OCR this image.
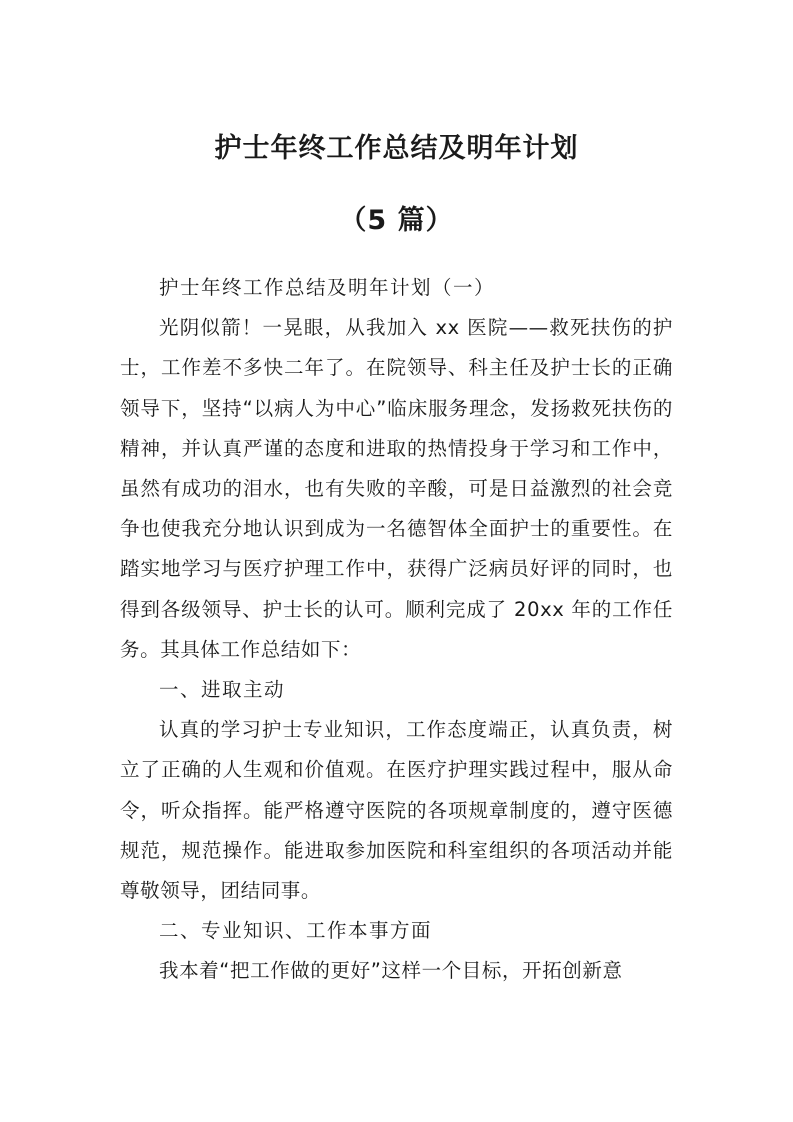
护士年终工作总结及明年计划
（5 篇）

护士年终工作总结及明年计划（一）

光阴似箭！一晃眼，从我加入 xx 医院——救死扶伤的护士，工作差不多快二年了。在院领导、科主任及护士长的正确领导下，坚持“以病人为中心”临床服务理念，发扬救死扶伤的精神，并认真严谨的态度和进取的热情投身于学习和工作中，虽然有成功的泪水，也有失败的辛酸，可是日益激烈的社会竞争也使我充分地认识到成为一名德智体全面护士的重要性。在踏实地学习与医疗护理工作中，获得广泛病员好评的同时，也得到各级领导、护士长的认可。顺利完成了 20xx 年的工作任务。其具体工作总结如下：

一、进取主动

认真的学习护士专业知识，工作态度端正，认真负责，树立了正确的人生观和价值观。在医疗护理实践过程中，服从命令，听众指挥。能严格遵守医院的各项规章制度的，遵守医德规范，规范操作。能进取参加医院和科室组织的各项活动并能尊敬领导，团结同事。

二、专业知识、工作本事方面

我本着“把工作做的更好”这样一个目标，开拓创新意
